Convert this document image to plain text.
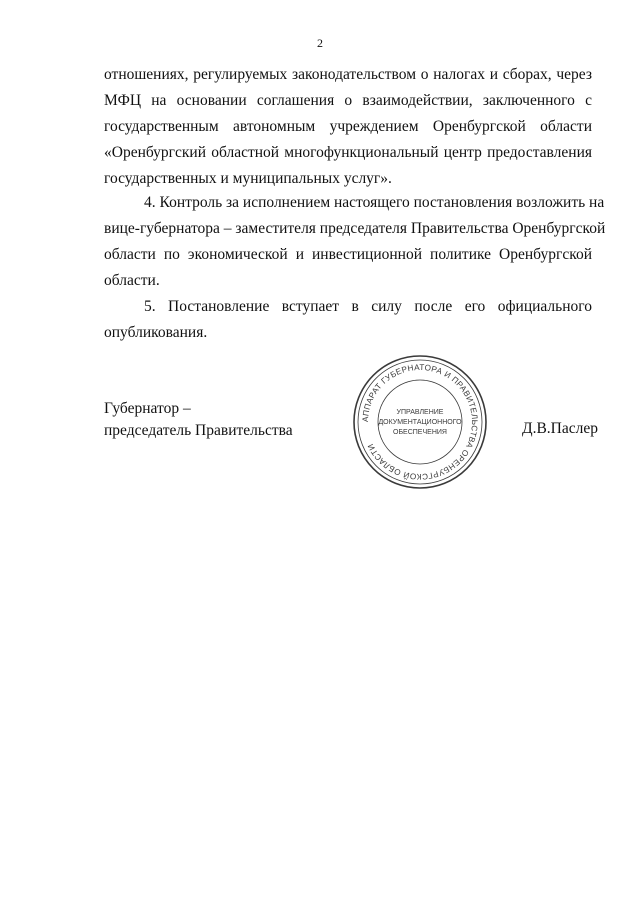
2
отношениях, регулируемых законодательством о налогах и сборах, через
МФЦ на основании соглашения о взаимодействии, заключенного с
государственным автономным учреждением Оренбургской области
«Оренбургский областной многофункциональный центр предоставления
государственных и муниципальных услуг».
4. Контроль за исполнением настоящего постановления возложить на
вице-губернатора – заместителя председателя Правительства Оренбургской
области по экономической и инвестиционной политике Оренбургской
области.
5. Постановление вступает в силу после его официального
опубликования.
Губернатор –
председатель Правительства
АППАРАТ ГУБЕРНАТОРА И ПРАВИТЕЛЬСТВА ОРЕНБУРГСКОЙ ОБЛАСТИ
УПРАВЛЕНИЕ
ДОКУМЕНТАЦИОННОГО
ОБЕСПЕЧЕНИЯ	Д.В.Паслер
